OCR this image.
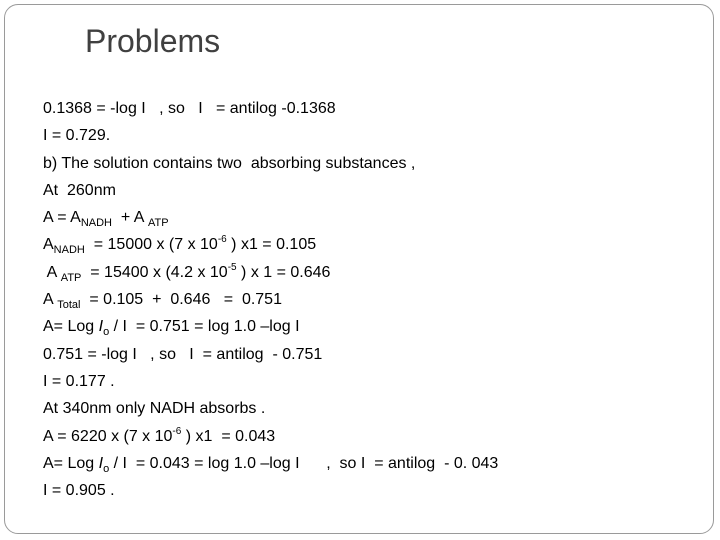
Problems
0.1368 = -log I   , so   I   = antilog -0.1368
I = 0.729.
b) The solution contains two  absorbing substances ,
At  260nm
$A = A_{NADH} + A$ $_{ATP}$
$A_{NADH} = 15000$ x (7 x $10^{-6}$ ) x1 = 0.105
A $_{ATP}$  = 15400 x (4.2 x $10^{-5}$ ) x 1 = 0.646
A $_{Total}$  = 0.105  +  0.646   =  0.751
A= Log $I_o / I = 0.751 = \log 1.0$ –log I
0.751 = -log I   , so   I  = antilog  - 0.751
I = 0.177 .
At 340nm only NADH absorbs .
A = 6220 x (7 x $10^{-6}$ ) x1  = 0.043
A= Log $I_o / I = 0.043 = \log 1.0$ –log I      ,  so I  = antilog  - 0. 043
I = 0.905 .
